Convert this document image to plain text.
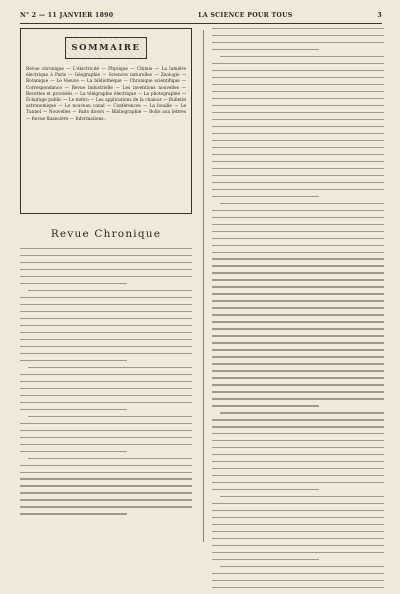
N° 2 — 11 JANVIER 1890	LA SCIENCE POUR TOUS	3
SOMMAIRE
Revue chronique — L'électricité — Physique — Chimie — La lumière électrique à Paris — Géographie — Sciences naturelles — Zoologie — Botanique — Le Vesuve — La bibliothèque — Chronique scientifique — Correspondance — Revue industrielle — Les inventions nouvelles — Recettes et procédés — La télégraphie électrique — La photographie — Éclairage public — Le métro — Les applications de la chaleur — Bulletin astronomique — Le nouveau canal — Conférences — La houille — Le Tunnel — Nouvelles — Faits divers — Bibliographie — Boîte aux lettres — Revue financière — Informations.
Revue Chronique
